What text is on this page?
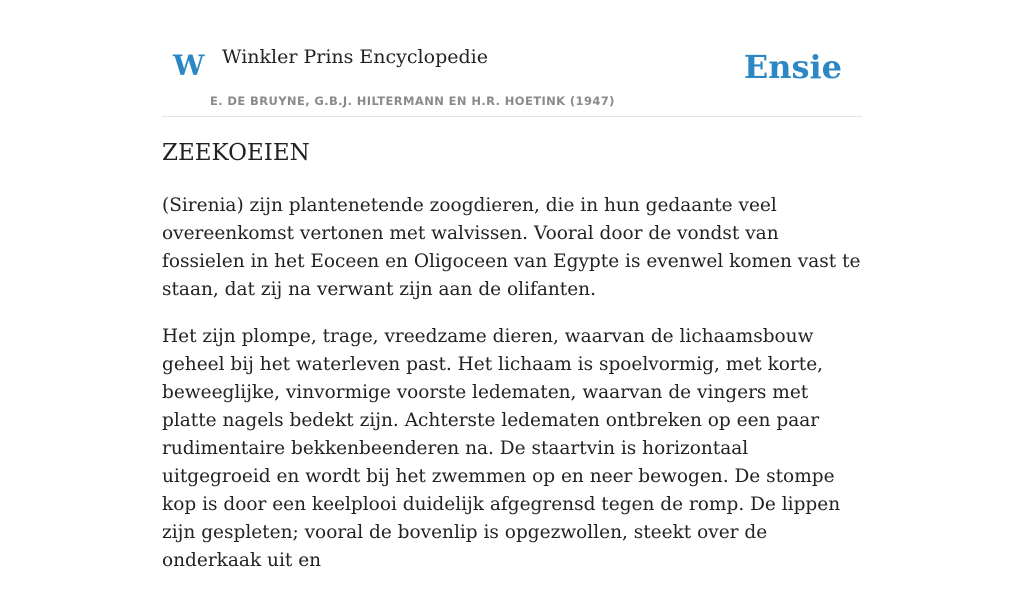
W Winkler Prins Encyclopedie
E. DE BRUYNE, G.B.J. HILTERMANN EN H.R. HOETINK (1947)
Ensie
ZEEKOEIEN

(Sirenia) zijn plantenetende zoogdieren, die in hun gedaante veel overeenkomst vertonen met walvissen. Vooral door de vondst van fossielen in het Eoceen en Oligoceen van Egypte is evenwel komen vast te staan, dat zij na verwant zijn aan de olifanten.

Het zijn plompe, trage, vreedzame dieren, waarvan de lichaamsbouw geheel bij het waterleven past. Het lichaam is spoelvormig, met korte, beweeglijke, vinvormige voorste ledematen, waarvan de vingers met platte nagels bedekt zijn. Achterste ledematen ontbreken op een paar rudimentaire bekkenbeenderen na. De staartvin is horizontaal uitgegroeid en wordt bij het zwemmen op en neer bewogen. De stompe kop is door een keelplooi duidelijk afgegrensd tegen de romp. De lippen zijn gespleten; vooral de bovenlip is opgezwollen, steekt over de onderkaak uit en
